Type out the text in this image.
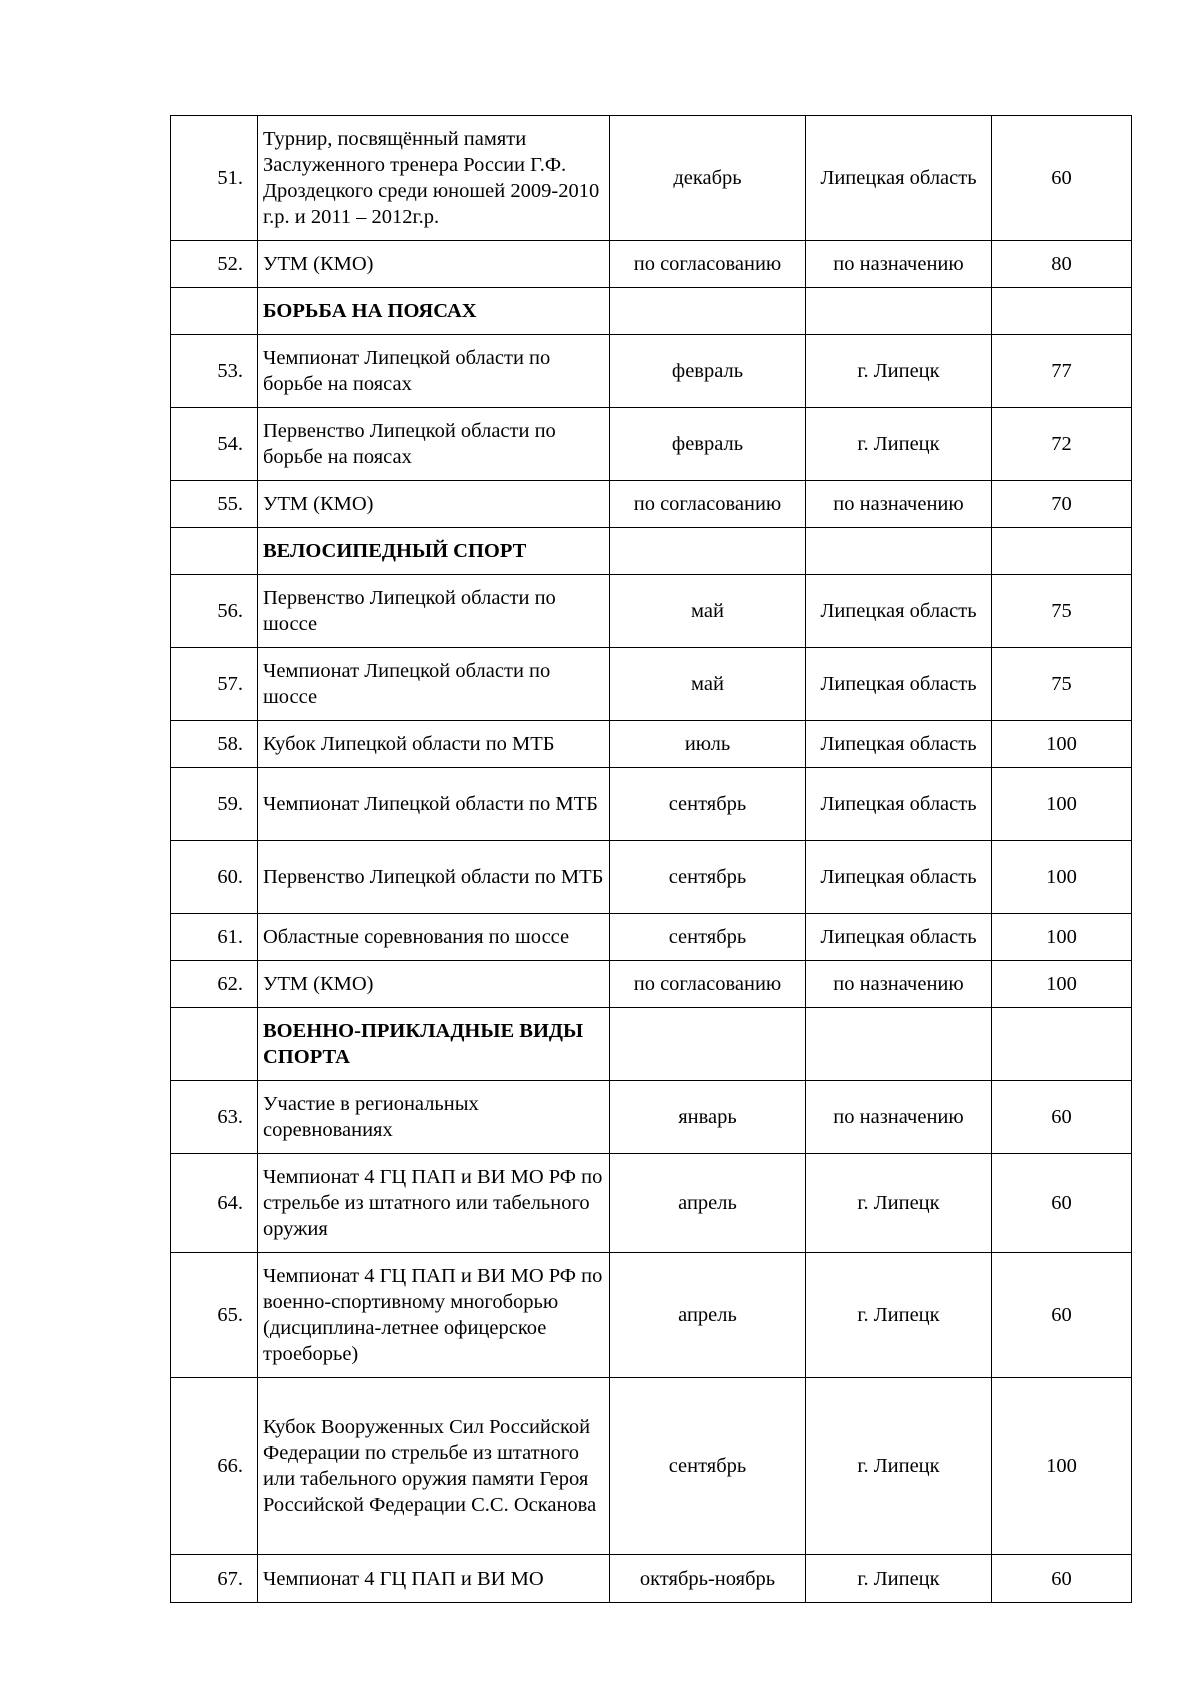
51.	Турнир, посвящённый памяти Заслуженного тренера России Г.Ф. Дроздецкого среди юношей 2009-2010 г.р. и 2011 – 2012г.р.	декабрь	Липецкая область	60
52.	УТМ (КМО)	по согласованию	по назначению	80
	БОРЬБА НА ПОЯСАХ			
53.	Чемпионат Липецкой области по борьбе на поясах	февраль	г. Липецк	77
54.	Первенство Липецкой области по борьбе на поясах	февраль	г. Липецк	72
55.	УТМ (КМО)	по согласованию	по назначению	70
	ВЕЛОСИПЕДНЫЙ СПОРТ			
56.	Первенство Липецкой области по шоссе	май	Липецкая область	75
57.	Чемпионат Липецкой области по шоссе	май	Липецкая область	75
58.	Кубок Липецкой области по МТБ	июль	Липецкая область	100
59.	Чемпионат Липецкой области по МТБ	сентябрь	Липецкая область	100
60.	Первенство Липецкой области по МТБ	сентябрь	Липецкая область	100
61.	Областные соревнования по шоссе	сентябрь	Липецкая область	100
62.	УТМ (КМО)	по согласованию	по назначению	100
	ВОЕННО-ПРИКЛАДНЫЕ ВИДЫ СПОРТА			
63.	Участие в региональных соревнованиях	январь	по назначению	60
64.	Чемпионат 4 ГЦ ПАП и ВИ МО РФ по стрельбе из штатного или табельного оружия	апрель	г. Липецк	60
65.	Чемпионат 4 ГЦ ПАП и ВИ МО РФ по военно-спортивному многоборью (дисциплина-летнее офицерское троеборье)	апрель	г. Липецк	60
66.	Кубок Вооруженных Сил Российской Федерации по стрельбе из штатного или табельного оружия памяти Героя Российской Федерации С.С. Осканова	сентябрь	г. Липецк	100
67.	Чемпионат 4 ГЦ ПАП и ВИ МО	октябрь-ноябрь	г. Липецк	60
